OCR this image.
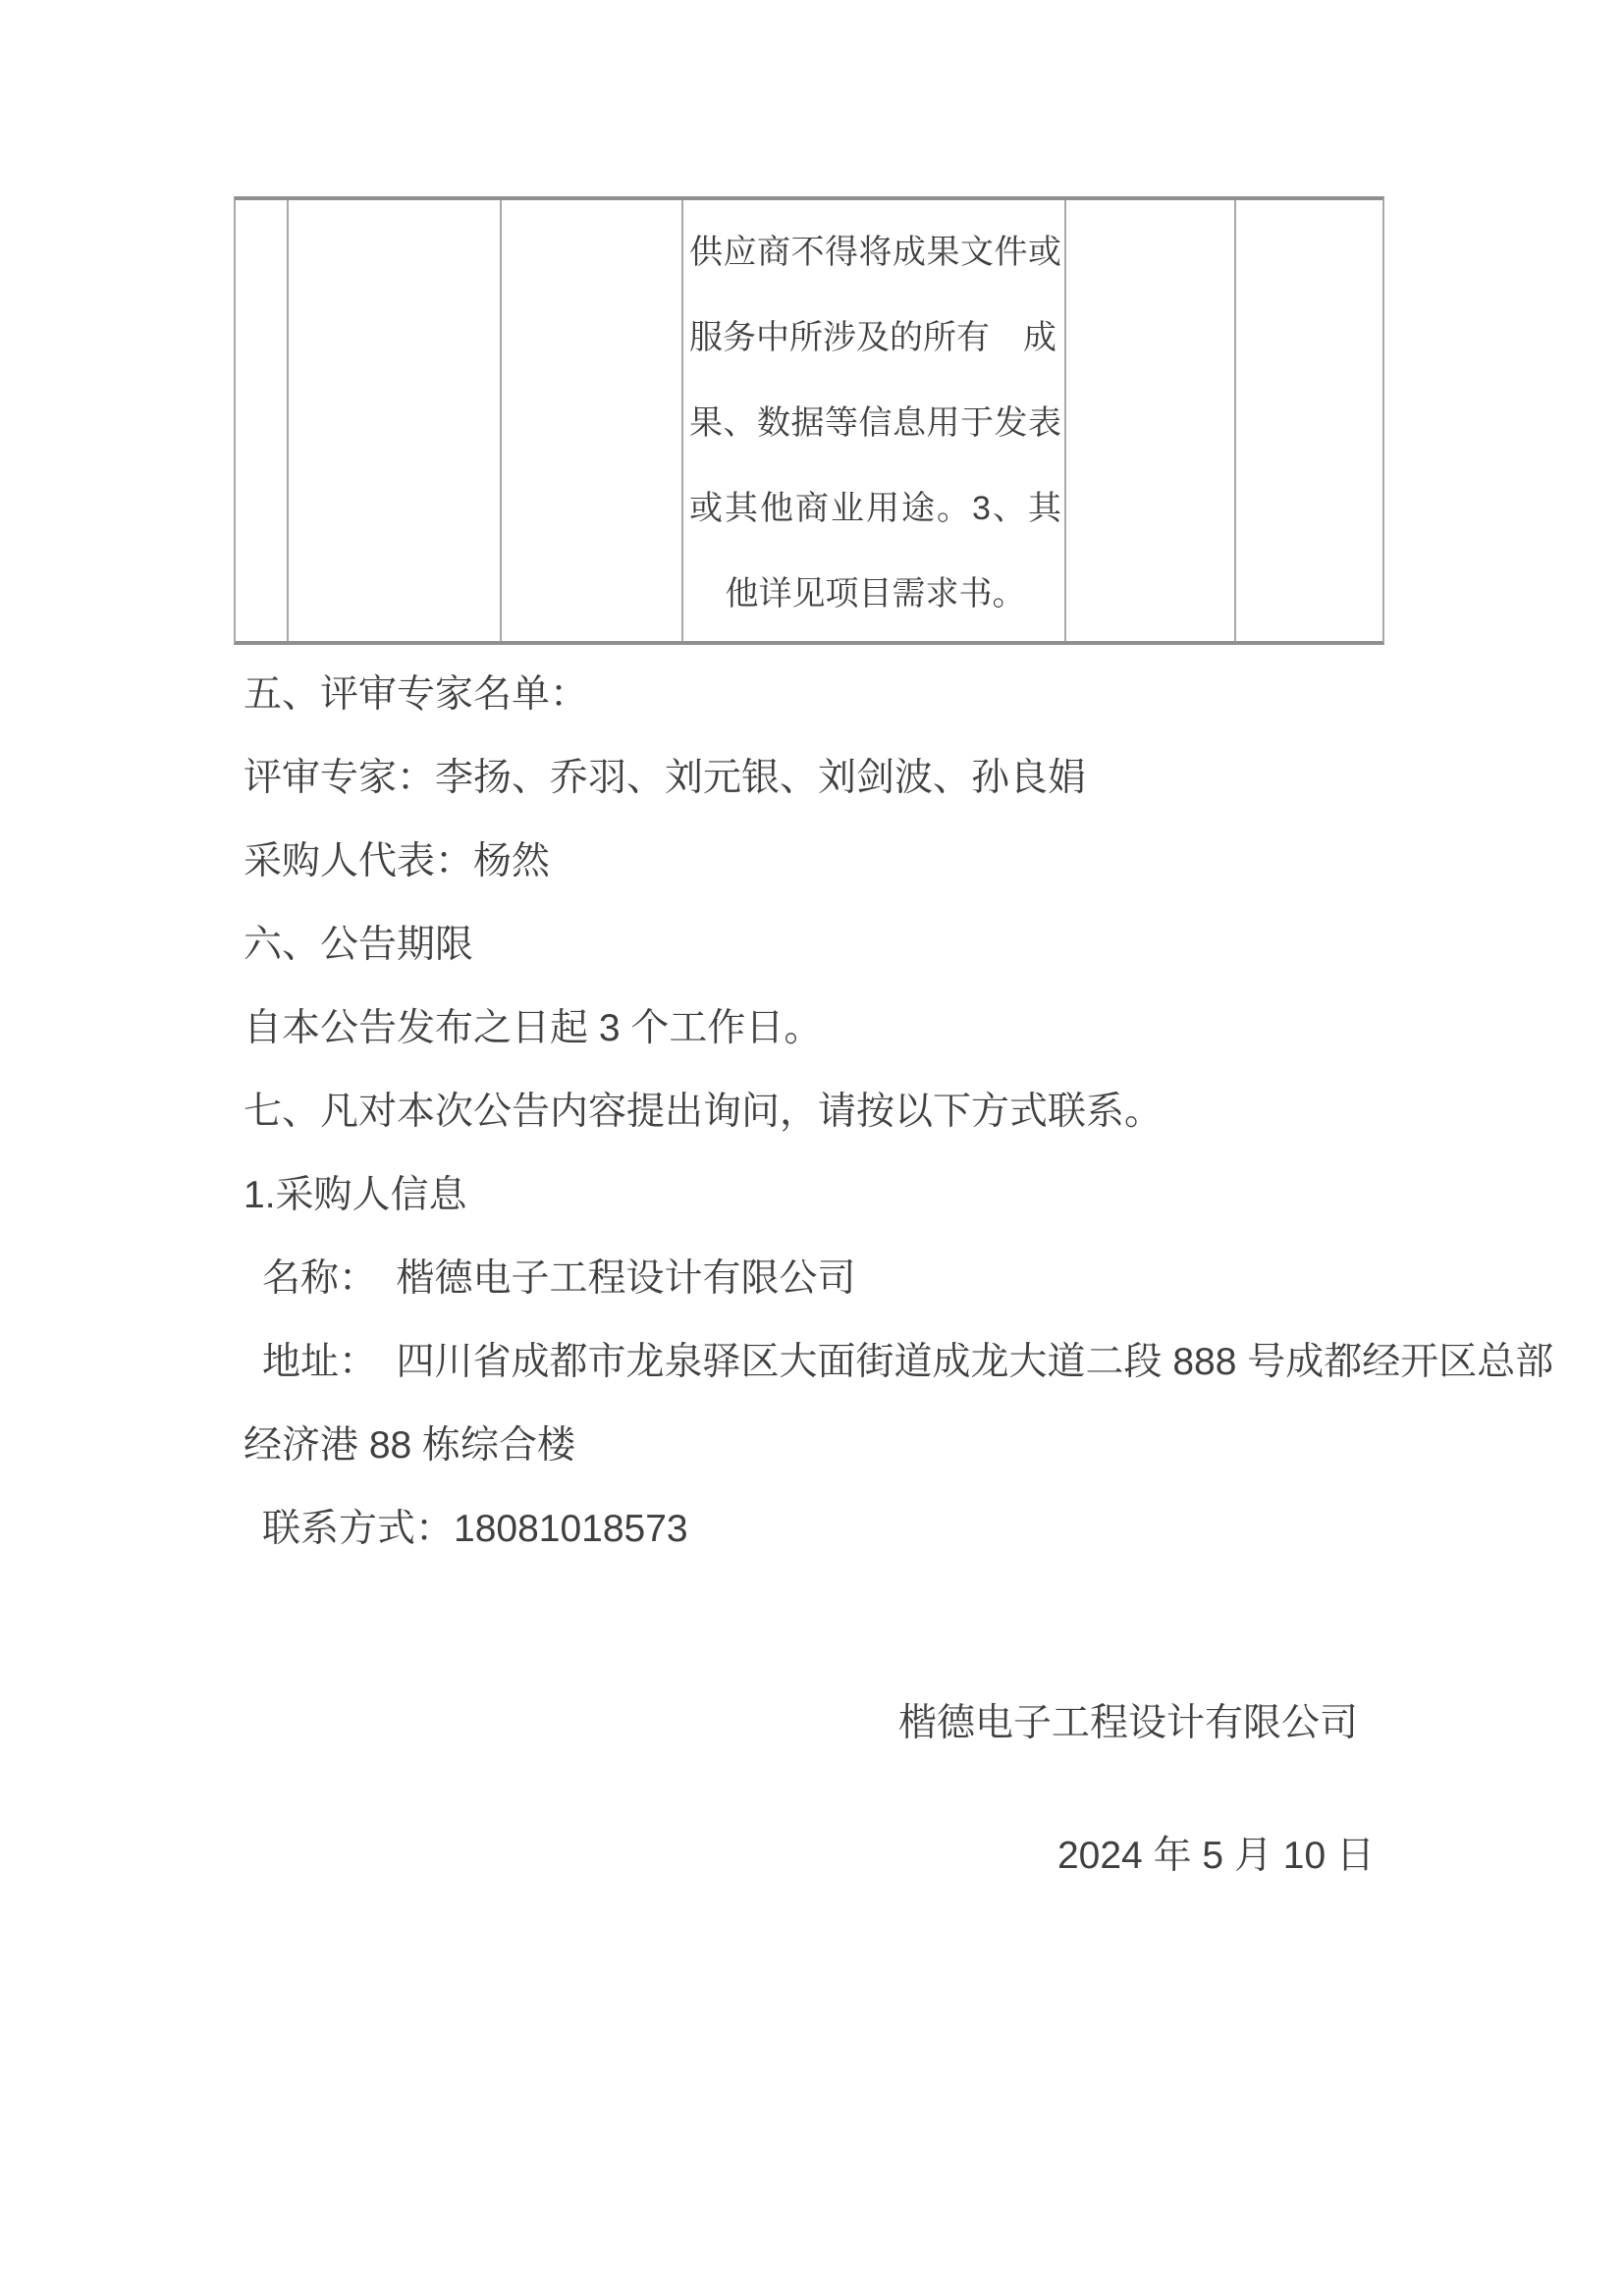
供应商不得将成果文件或
服务中所涉及的所有　成
果、数据等信息用于发表
或其他商业用途。3、其
他详见项目需求书。

五、评审专家名单：

评审专家：李扬、乔羽、刘元银、刘剑波、孙良娟

采购人代表：杨然

六、公告期限

自本公告发布之日起 3 个工作日。

七、凡对本次公告内容提出询问，请按以下方式联系。

1.采购人信息

名称：　楷德电子工程设计有限公司

地址：　四川省成都市龙泉驿区大面街道成龙大道二段 888 号成都经开区总部

经济港 88 栋综合楼

联系方式：18081018573

楷德电子工程设计有限公司

2024 年 5 月 10 日
